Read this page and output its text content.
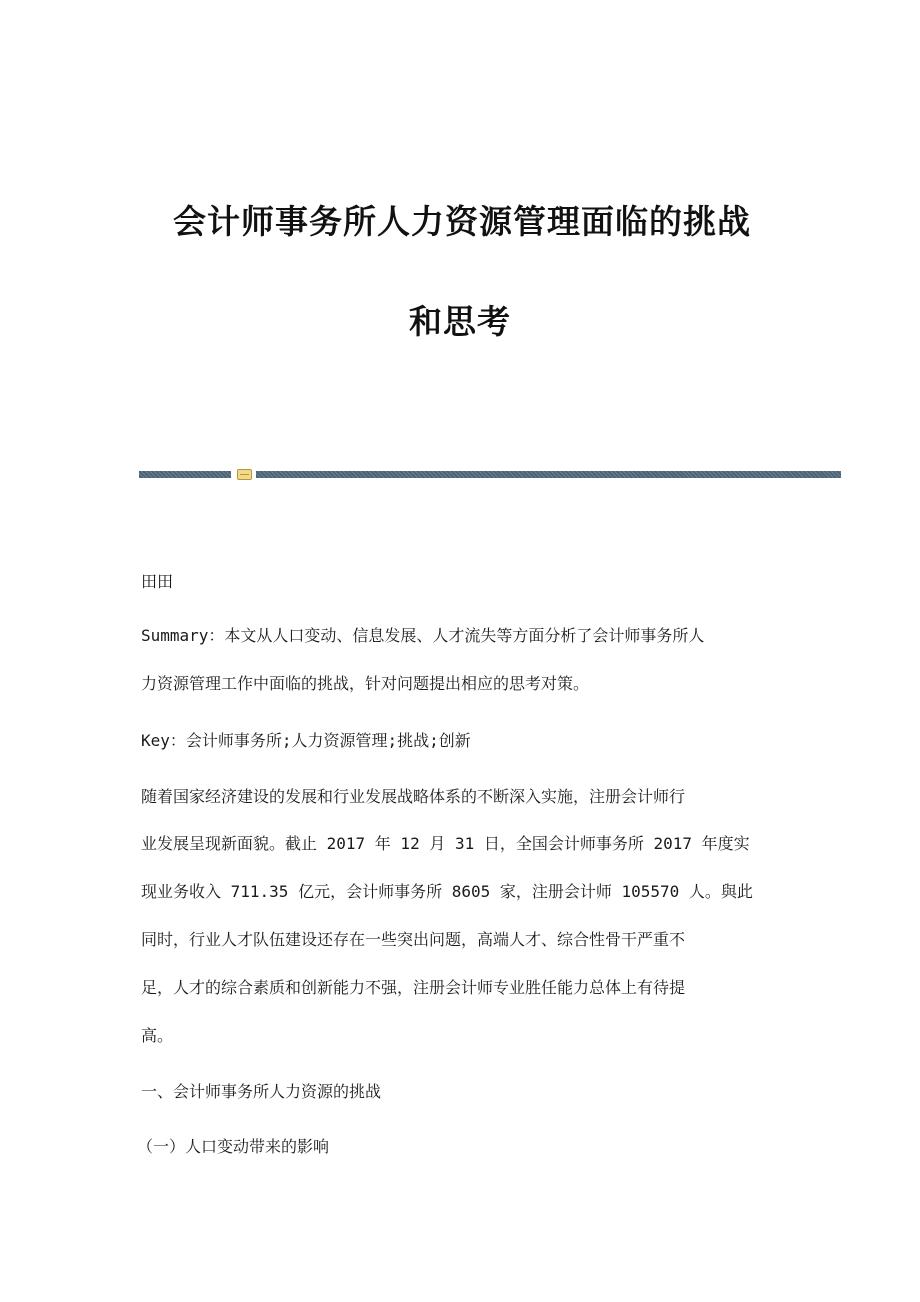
会计师事务所人力资源管理面临的挑战
和思考
田田
Summary：本文从人口变动、信息发展、人才流失等方面分析了会计师事务所人
力资源管理工作中面临的挑战，针对问题提出相应的思考对策。
Key：会计师事务所;人力资源管理;挑战;创新
随着国家经济建设的发展和行业发展战略体系的不断深入实施，注册会计师行
业发展呈现新面貌。截止 2017 年 12 月 31 日，全国会计师事务所 2017 年度实
现业务收入 711.35 亿元，会计师事务所 8605 家，注册会计师 105570 人。與此
同时，行业人才队伍建设还存在一些突出问题，高端人才、综合性骨干严重不
足，人才的综合素质和创新能力不强，注册会计师专业胜任能力总体上有待提
高。
一、会计师事务所人力资源的挑战
（一）人口变动带来的影响
